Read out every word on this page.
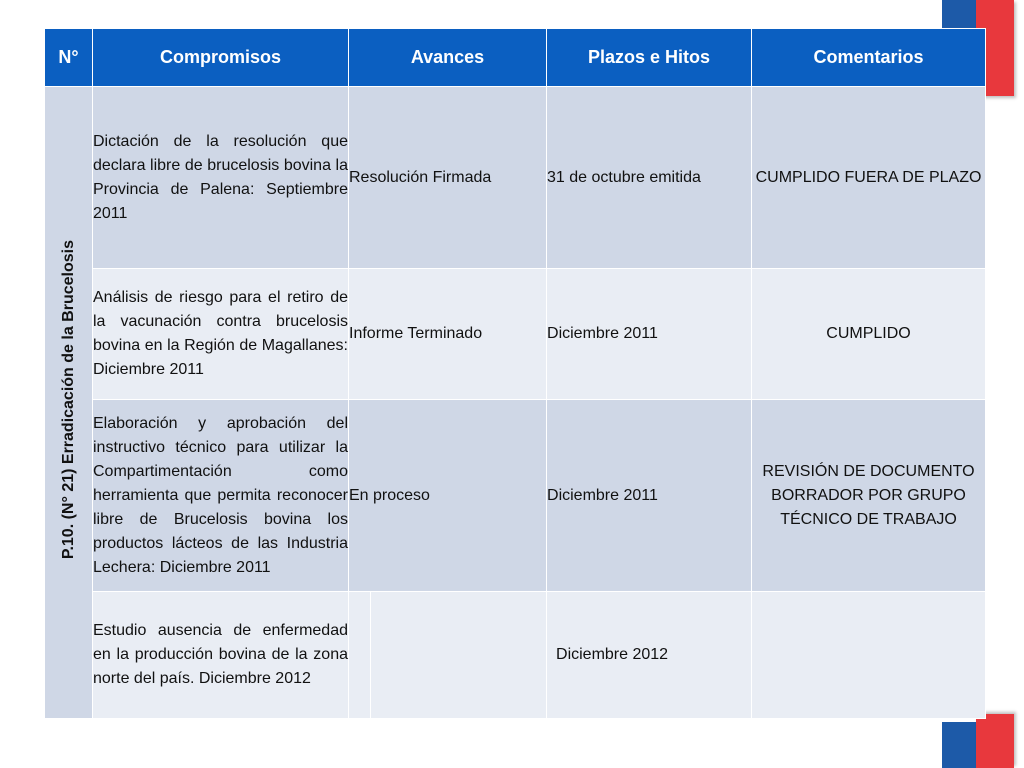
N°	Compromisos	Avances		Plazos e Hitos	Comentarios
P.10. (N° 21) Erradicación de la Brucelosis	Dictación de la resolución que declara libre de brucelosis bovina la Provincia de Palena: Septiembre 2011	Resolución Firmada		31 de octubre emitida	CUMPLIDO FUERA DE PLAZO
	Análisis de riesgo para el retiro de la vacunación contra brucelosis bovina en la Región de Magallanes: Diciembre 2011	Informe Terminado		Diciembre 2011	CUMPLIDO
	Elaboración y aprobación del instructivo técnico para utilizar la Compartimentación como herramienta que permita reconocer libre de Brucelosis bovina los productos lácteos de las Industria Lechera: Diciembre 2011	En proceso		Diciembre 2011	REVISIÓN DE DOCUMENTO BORRADOR POR GRUPO TÉCNICO DE TRABAJO
	Estudio ausencia de enfermedad en la producción bovina de la zona norte del país. Diciembre 2012			Diciembre 2012	
